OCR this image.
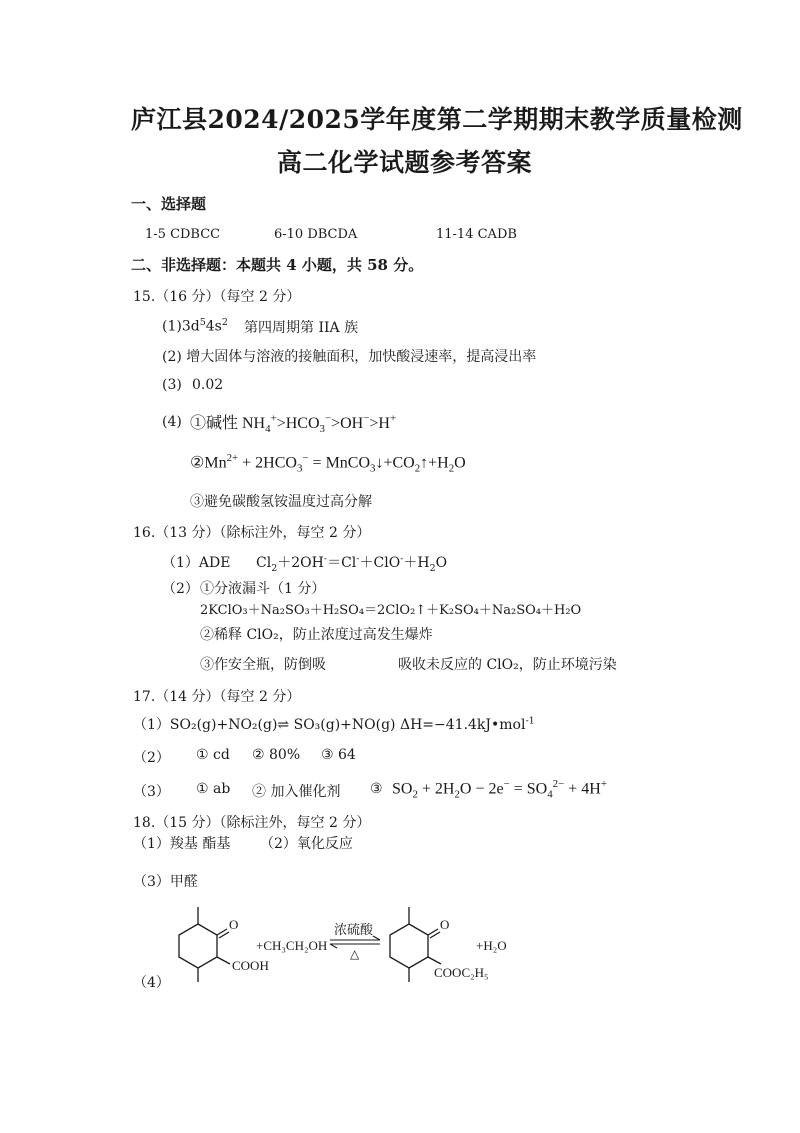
庐江县2024/2025学年度第二学期期末教学质量检测
高二化学试题参考答案
一、选择题
1-5 CDBCC	6-10 DBCDA	11-14 CADB
二、非选择题：本题共 4 小题，共 58 分。
15.（16 分）（每空 2 分）
$(1)3d^54s^2$ 第四周期第 IIA 族
(2) 增大固体与溶液的接触面积，加快酸浸速率，提高浸出率
(3) 0.02
(4) ①碱性 $NH_4^+>HCO_3^->OH^->H^+$
$②Mn^{2+} + 2HCO_3^-$ = $MnCO_3↓+CO_2↑+H_2O$
③避免碳酸氢铵温度过高分解
16.（13 分）（除标注外，每空 2 分）
（1）ADE $Cl_2+2OH^-=Cl^-+ClO^-+H_2O$
（2） ①分液漏斗（1 分）
2KClO₃＋Na₂SO₃＋H₂SO₄＝2ClO₂↑＋K₂SO₄＋Na₂SO₄＋H₂O
②稀释 ClO₂，防止浓度过高发生爆炸
③作安全瓶，防倒吸	吸收未反应的 ClO₂，防止环境污染
17.（14 分）（每空 2 分）
（1）SO₂(g)+NO₂(g)⇌ SO₃(g)+NO(g) ΔH=−41.4kJ•mol$^{-1}$
（2） ① cd ② 80% ③ 64
（3） ① ab ② 加入催化剂 ③ $SO_2 + 2H_2O - 2e^- = SO_4^{2-} + 4H^+$
18.（15 分）（除标注外，每空 2 分）
（1）羧基 酯基 （2）氧化反应
（3）甲醛
（4）
O
COOH
+CH₃CH₂OH
浓硫酸
△
O
COOC₂H₅
+H₂O
